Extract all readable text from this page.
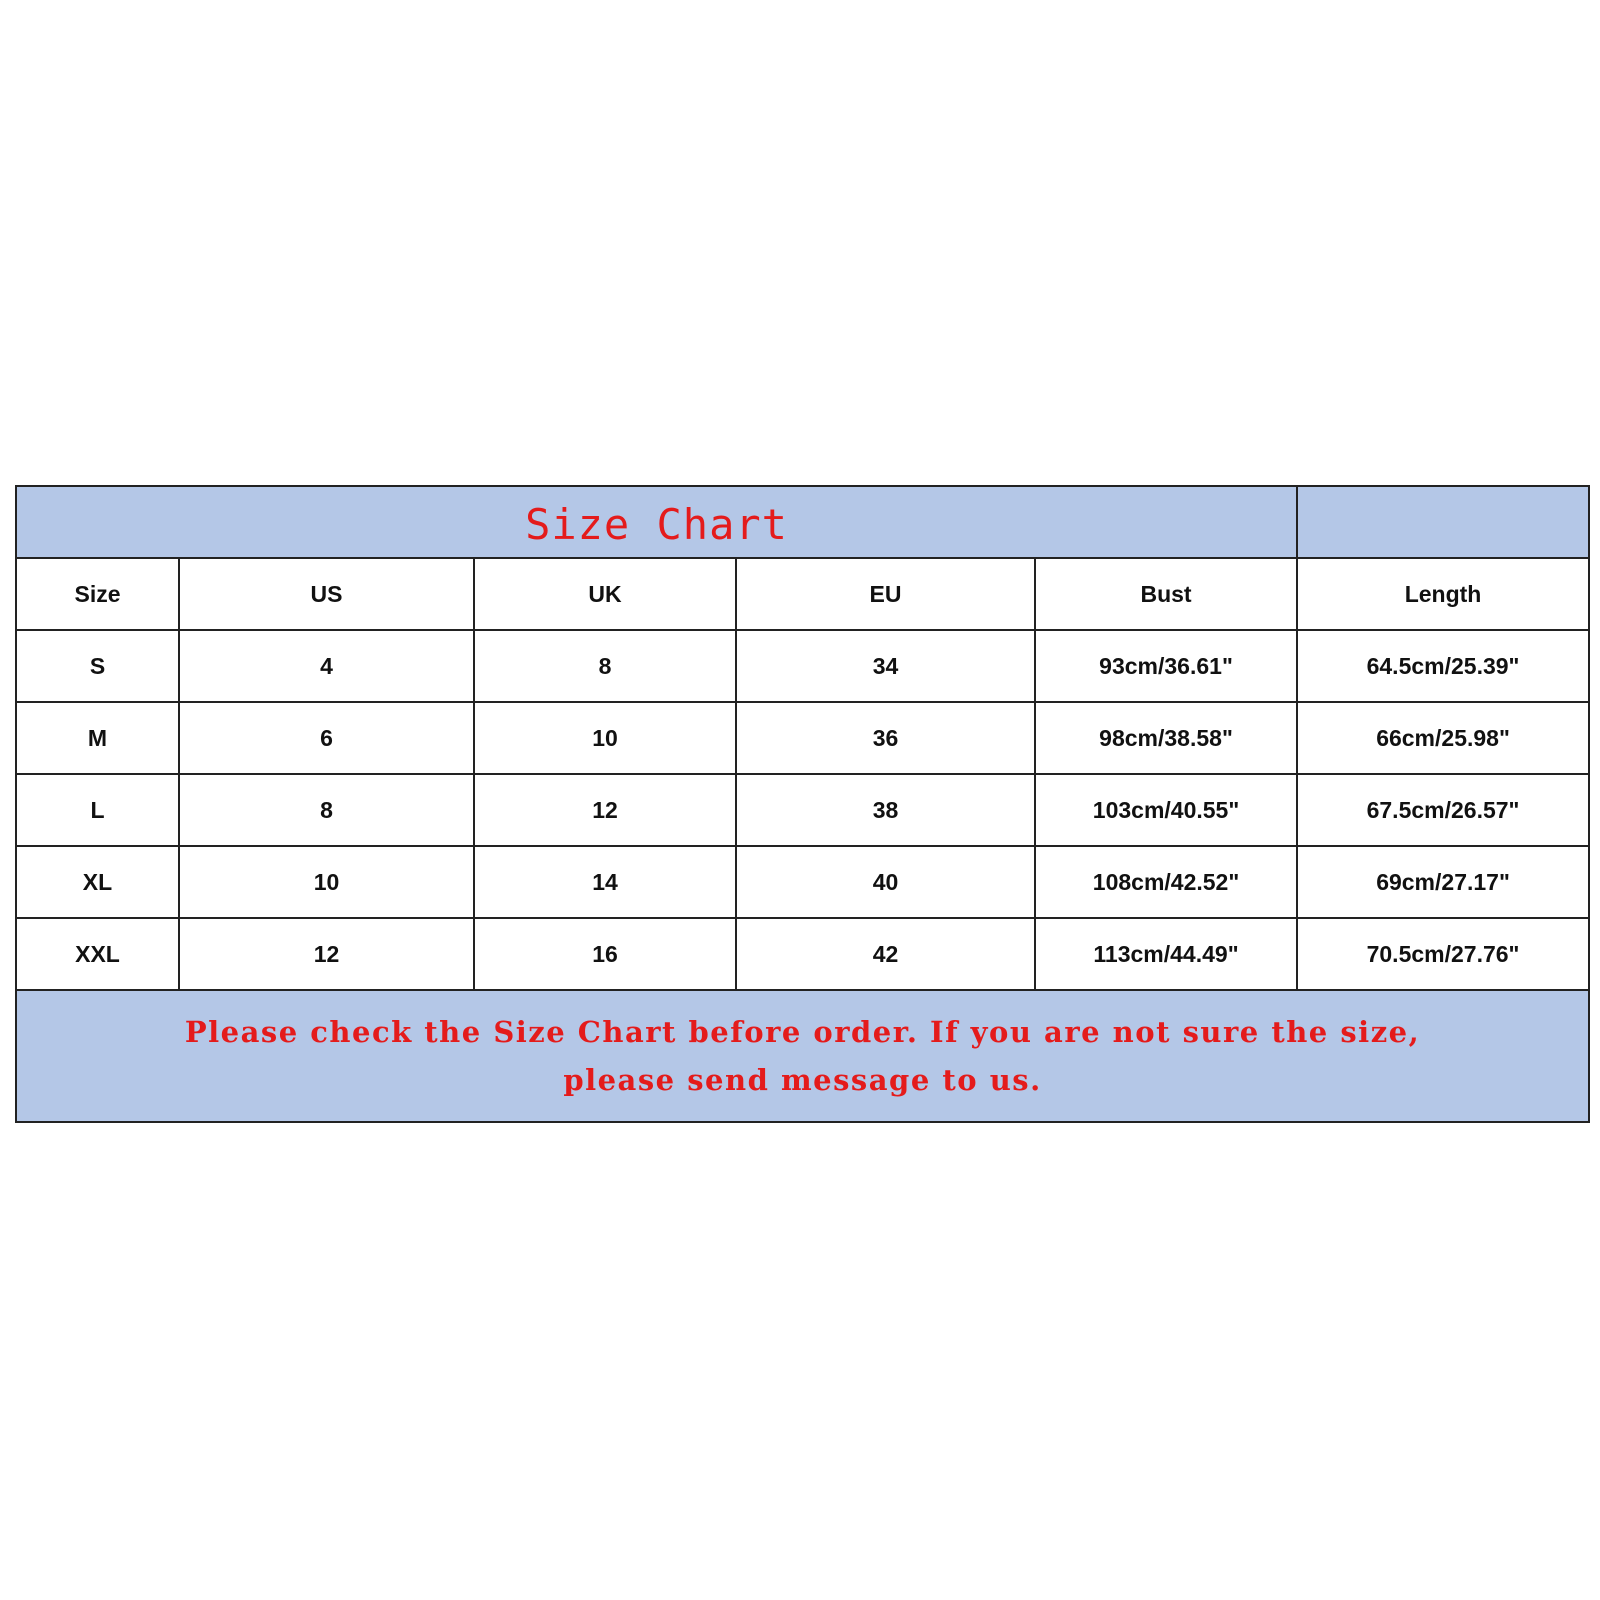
Size Chart					
Size	US	UK	EU	Bust	Length
S	4	8	34	93cm/36.61"	64.5cm/25.39"
M	6	10	36	98cm/38.58"	66cm/25.98"
L	8	12	38	103cm/40.55"	67.5cm/26.57"
XL	10	14	40	108cm/42.52"	69cm/27.17"
XXL	12	16	42	113cm/44.49"	70.5cm/27.76"

Please check the Size Chart before order. If you are not sure the size,
please send message to us.					
